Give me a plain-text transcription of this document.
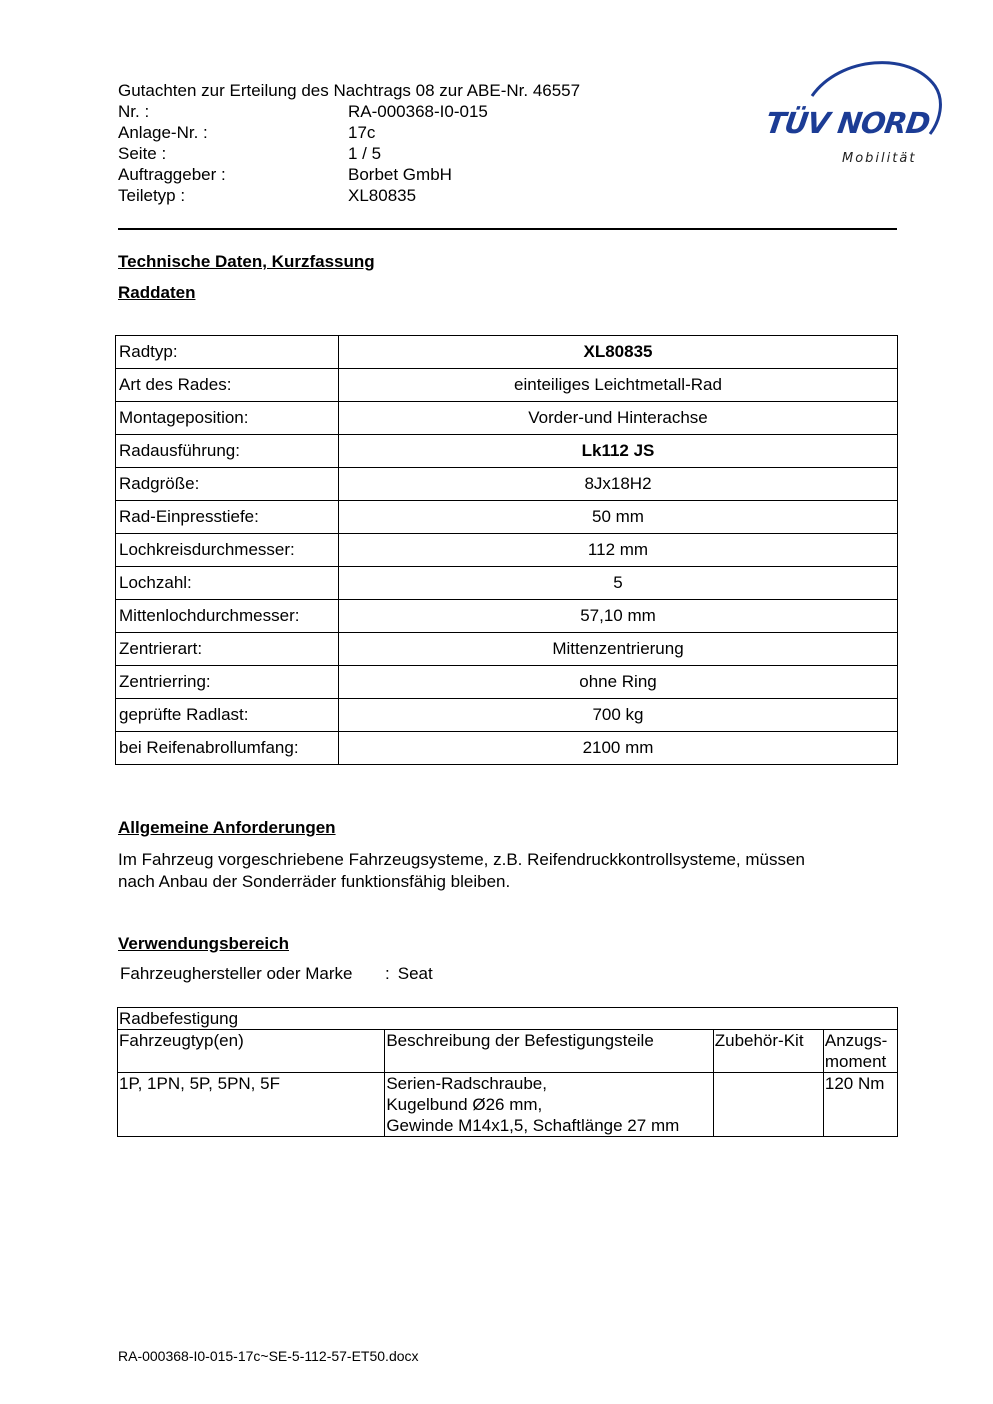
Gutachten zur Erteilung des Nachtrags 08 zur ABE-Nr. 46557
Nr. :	RA-000368-I0-015
Anlage-Nr. :	17c
Seite :	1 / 5
Auftraggeber :	Borbet GmbH
Teiletyp :	XL80835
TÜV NORD
Mobilität
Technische Daten, Kurzfassung
Raddaten
Radtyp:	XL80835
Art des Rades:	einteiliges Leichtmetall-Rad
Montageposition:	Vorder-und Hinterachse
Radausführung:	Lk112 JS
Radgröße:	8Jx18H2
Rad-Einpresstiefe:	50 mm
Lochkreisdurchmesser:	112 mm
Lochzahl:	5
Mittenlochdurchmesser:	57,10 mm
Zentrierart:	Mittenzentrierung
Zentrierring:	ohne Ring
geprüfte Radlast:	700 kg
bei Reifenabrollumfang:	2100 mm
Allgemeine Anforderungen
Im Fahrzeug vorgeschriebene Fahrzeugsysteme, z.B. Reifendruckkontrollsysteme, müssen
nach Anbau der Sonderräder funktionsfähig bleiben.
Verwendungsbereich
Fahrzeughersteller oder Marke	: Seat
Radbefestigung			
Fahrzeugtyp(en)	Beschreibung der Befestigungsteile	Zubehör-Kit	Anzugs-
moment

1P, 1PN, 5P, 5PN, 5F	Serien-Radschraube,
Kugelbund Ø26 mm,
Gewinde M14x1,5, Schaftlänge 27 mm		120 Nm
RA-000368-I0-015-17c~SE-5-112-57-ET50.docx
